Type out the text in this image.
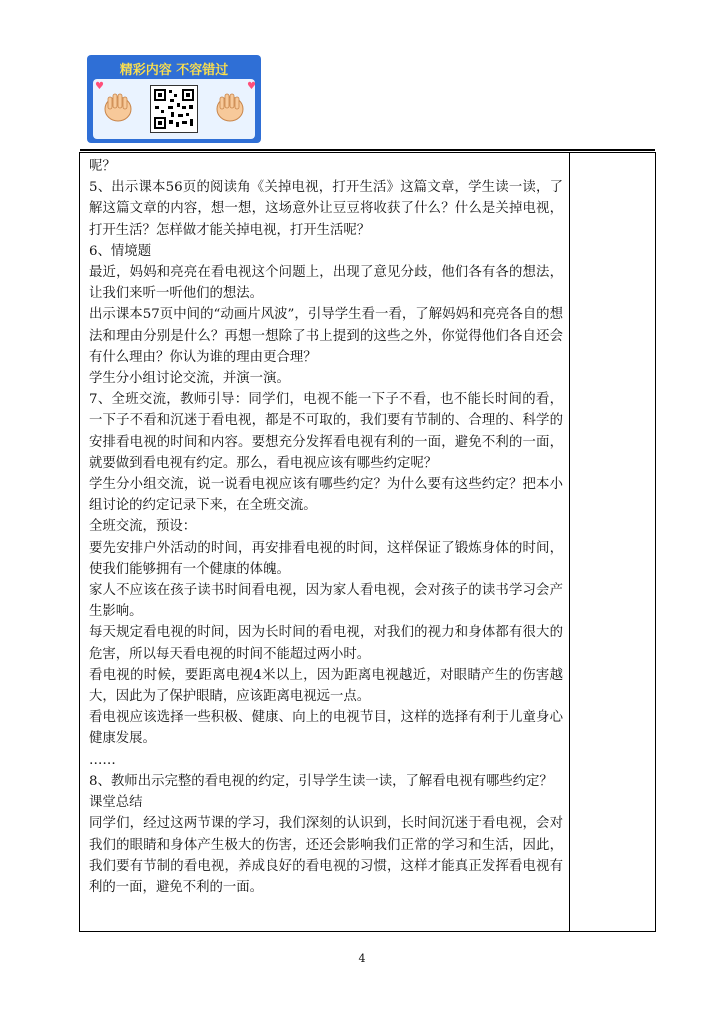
精彩内容 不容错过
♥	♥

呢？

5、出示课本56页的阅读角《关掉电视，打开生活》这篇文章，学生读一读，了解这篇文章的内容，想一想，这场意外让豆豆将收获了什么？什么是关掉电视，打开生活？怎样做才能关掉电视，打开生活呢？

6、情境题

最近，妈妈和亮亮在看电视这个问题上，出现了意见分歧，他们各有各的想法，让我们来听一听他们的想法。

出示课本57页中间的“动画片风波”，引导学生看一看，了解妈妈和亮亮各自的想法和理由分别是什么？再想一想除了书上提到的这些之外，你觉得他们各自还会有什么理由？你认为谁的理由更合理？

学生分小组讨论交流，并演一演。

7、全班交流，教师引导：同学们，电视不能一下子不看，也不能长时间的看，一下子不看和沉迷于看电视，都是不可取的，我们要有节制的、合理的、科学的安排看电视的时间和内容。要想充分发挥看电视有利的一面，避免不利的一面，就要做到看电视有约定。那么，看电视应该有哪些约定呢？

学生分小组交流，说一说看电视应该有哪些约定？为什么要有这些约定？把本小组讨论的约定记录下来，在全班交流。

全班交流，预设：

要先安排户外活动的时间，再安排看电视的时间，这样保证了锻炼身体的时间，使我们能够拥有一个健康的体魄。

家人不应该在孩子读书时间看电视，因为家人看电视，会对孩子的读书学习会产生影响。

每天规定看电视的时间，因为长时间的看电视，对我们的视力和身体都有很大的危害，所以每天看电视的时间不能超过两小时。

看电视的时候，要距离电视4米以上，因为距离电视越近，对眼睛产生的伤害越大，因此为了保护眼睛，应该距离电视远一点。

看电视应该选择一些积极、健康、向上的电视节目，这样的选择有利于儿童身心健康发展。

……

8、教师出示完整的看电视的约定，引导学生读一读，了解看电视有哪些约定？

课堂总结

同学们，经过这两节课的学习，我们深刻的认识到，长时间沉迷于看电视，会对我们的眼睛和身体产生极大的伤害，还还会影响我们正常的学习和生活，因此，我们要有节制的看电视，养成良好的看电视的习惯，这样才能真正发挥看电视有利的一面，避免不利的一面。

4
